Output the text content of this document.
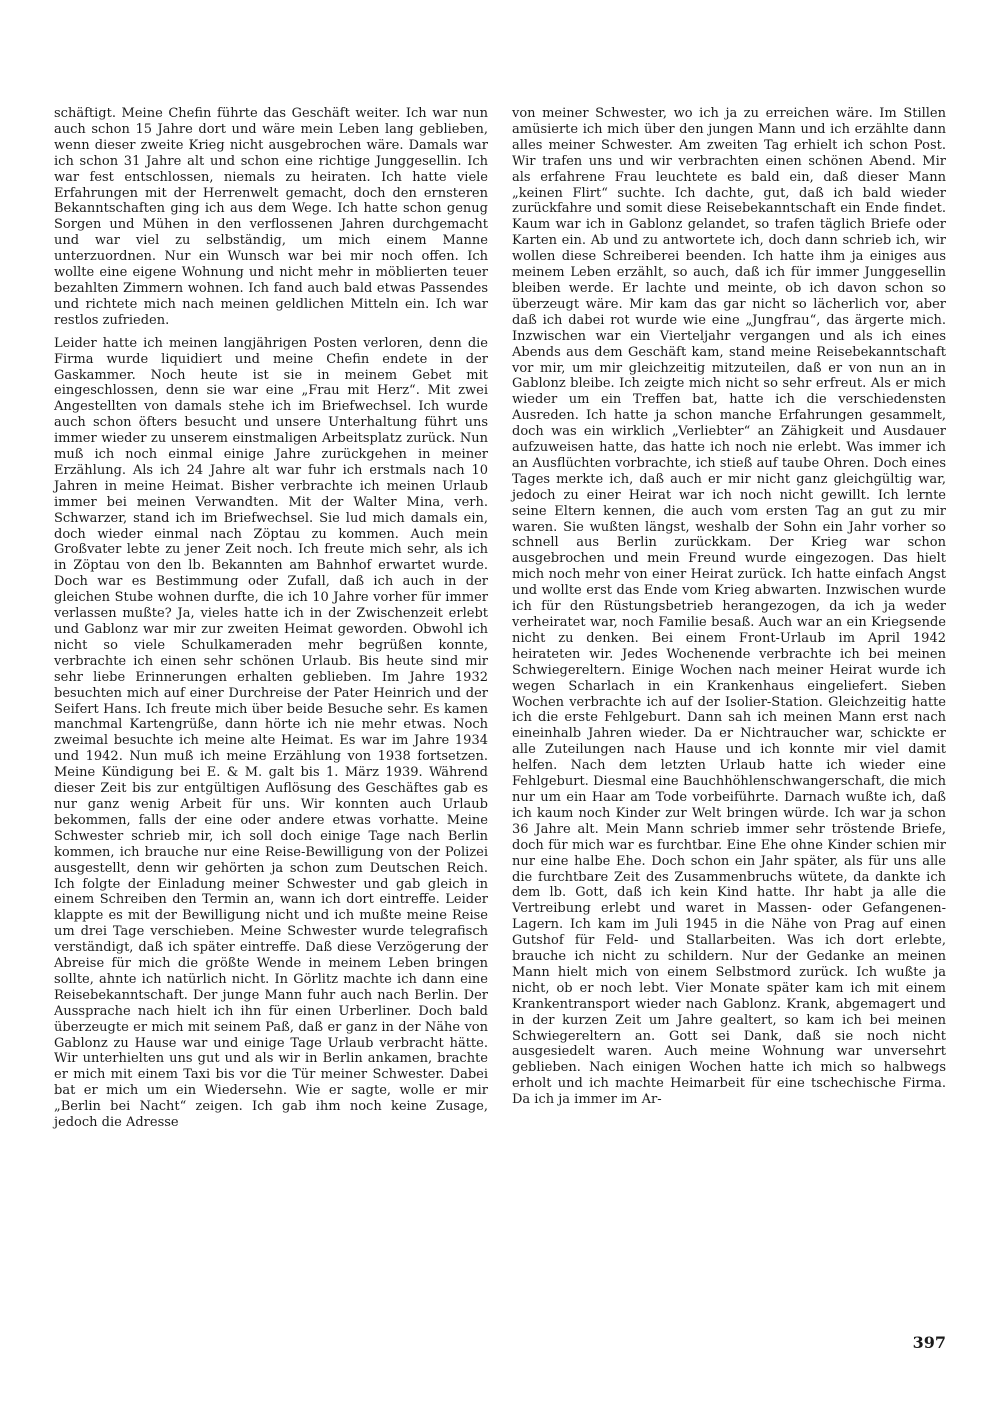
schäftigt. Meine Chefin führte das Geschäft weiter. Ich war nun auch schon 15 Jahre dort und wäre mein Leben lang geblieben, wenn dieser zweite Krieg nicht ausgebrochen wäre. Damals war ich schon 31 Jahre alt und schon eine richtige Junggesellin. Ich war fest entschlossen, niemals zu heiraten. Ich hatte viele Erfahrungen mit der Herrenwelt gemacht, doch den ernsteren Bekanntschaften ging ich aus dem Wege. Ich hatte schon genug Sorgen und Mühen in den verflossenen Jahren durchgemacht und war viel zu selbständig, um mich einem Manne unterzuordnen. Nur ein Wunsch war bei mir noch offen. Ich wollte eine eigene Wohnung und nicht mehr in möblierten teuer bezahlten Zimmern wohnen. Ich fand auch bald etwas Passendes und richtete mich nach meinen geldlichen Mitteln ein. Ich war restlos zufrieden.

Leider hatte ich meinen langjährigen Posten verloren, denn die Firma wurde liquidiert und meine Chefin endete in der Gaskammer. Noch heute ist sie in meinem Gebet mit eingeschlossen, denn sie war eine „Frau mit Herz“. Mit zwei Angestellten von damals stehe ich im Briefwechsel. Ich wurde auch schon öfters besucht und unsere Unterhaltung führt uns immer wieder zu unserem einstmaligen Arbeitsplatz zurück. Nun muß ich noch einmal einige Jahre zurückgehen in meiner Erzählung. Als ich 24 Jahre alt war fuhr ich erstmals nach 10 Jahren in meine Heimat. Bisher verbrachte ich meinen Urlaub immer bei meinen Verwandten. Mit der Walter Mina, verh. Schwarzer, stand ich im Briefwechsel. Sie lud mich damals ein, doch wieder einmal nach Zöptau zu kommen. Auch mein Großvater lebte zu jener Zeit noch. Ich freute mich sehr, als ich in Zöptau von den lb. Bekannten am Bahnhof erwartet wurde. Doch war es Bestimmung oder Zufall, daß ich auch in der gleichen Stube wohnen durfte, die ich 10 Jahre vorher für immer verlassen mußte? Ja, vieles hatte ich in der Zwischenzeit erlebt und Gablonz war mir zur zweiten Heimat geworden. Obwohl ich nicht so viele Schulkameraden mehr begrüßen konnte, verbrachte ich einen sehr schönen Urlaub. Bis heute sind mir sehr liebe Erinnerungen erhalten geblieben. Im Jahre 1932 besuchten mich auf einer Durchreise der Pater Heinrich und der Seifert Hans. Ich freute mich über beide Besuche sehr. Es kamen manchmal Kartengrüße, dann hörte ich nie mehr etwas. Noch zweimal besuchte ich meine alte Heimat. Es war im Jahre 1934 und 1942. Nun muß ich meine Erzählung von 1938 fortsetzen. Meine Kündigung bei E. & M. galt bis 1. März 1939. Während dieser Zeit bis zur entgültigen Auflösung des Geschäftes gab es nur ganz wenig Arbeit für uns. Wir konnten auch Urlaub bekommen, falls der eine oder andere etwas vorhatte. Meine Schwester schrieb mir, ich soll doch einige Tage nach Berlin kommen, ich brauche nur eine Reise-Bewilligung von der Polizei ausgestellt, denn wir gehörten ja schon zum Deutschen Reich. Ich folgte der Einladung meiner Schwester und gab gleich in einem Schreiben den Termin an, wann ich dort eintreffe. Leider klappte es mit der Bewilligung nicht und ich mußte meine Reise um drei Tage verschieben. Meine Schwester wurde telegrafisch verständigt, daß ich später eintreffe. Daß diese Verzögerung der Abreise für mich die größte Wende in meinem Leben bringen sollte, ahnte ich natürlich nicht. In Görlitz machte ich dann eine Reisebekanntschaft. Der junge Mann fuhr auch nach Berlin. Der Aussprache nach hielt ich ihn für einen Urberliner. Doch bald überzeugte er mich mit seinem Paß, daß er ganz in der Nähe von Gablonz zu Hause war und einige Tage Urlaub verbracht hätte. Wir unterhielten uns gut und als wir in Berlin ankamen, brachte er mich mit einem Taxi bis vor die Tür meiner Schwester. Dabei bat er mich um ein Wiedersehn. Wie er sagte, wolle er mir „Berlin bei Nacht“ zeigen. Ich gab ihm noch keine Zusage, jedoch die Adresse

von meiner Schwester, wo ich ja zu erreichen wäre. Im Stillen amüsierte ich mich über den jungen Mann und ich erzählte dann alles meiner Schwester. Am zweiten Tag erhielt ich schon Post. Wir trafen uns und wir verbrachten einen schönen Abend. Mir als erfahrene Frau leuchtete es bald ein, daß dieser Mann „keinen Flirt“ suchte. Ich dachte, gut, daß ich bald wieder zurückfahre und somit diese Reisebekanntschaft ein Ende findet. Kaum war ich in Gablonz gelandet, so trafen täglich Briefe oder Karten ein. Ab und zu antwortete ich, doch dann schrieb ich, wir wollen diese Schreiberei beenden. Ich hatte ihm ja einiges aus meinem Leben erzählt, so auch, daß ich für immer Junggesellin bleiben werde. Er lachte und meinte, ob ich davon schon so überzeugt wäre. Mir kam das gar nicht so lächerlich vor, aber daß ich dabei rot wurde wie eine „Jungfrau“, das ärgerte mich. Inzwischen war ein Vierteljahr vergangen und als ich eines Abends aus dem Geschäft kam, stand meine Reisebekanntschaft vor mir, um mir gleichzeitig mitzuteilen, daß er von nun an in Gablonz bleibe. Ich zeigte mich nicht so sehr erfreut. Als er mich wieder um ein Treffen bat, hatte ich die verschiedensten Ausreden. Ich hatte ja schon manche Erfahrungen gesammelt, doch was ein wirklich „Verliebter“ an Zähigkeit und Ausdauer aufzuweisen hatte, das hatte ich noch nie erlebt. Was immer ich an Ausflüchten vorbrachte, ich stieß auf taube Ohren. Doch eines Tages merkte ich, daß auch er mir nicht ganz gleichgültig war, jedoch zu einer Heirat war ich noch nicht gewillt. Ich lernte seine Eltern kennen, die auch vom ersten Tag an gut zu mir waren. Sie wußten längst, weshalb der Sohn ein Jahr vorher so schnell aus Berlin zurückkam. Der Krieg war schon ausgebrochen und mein Freund wurde eingezogen. Das hielt mich noch mehr von einer Heirat zurück. Ich hatte einfach Angst und wollte erst das Ende vom Krieg abwarten. Inzwischen wurde ich für den Rüstungsbetrieb herangezogen, da ich ja weder verheiratet war, noch Familie besaß. Auch war an ein Kriegsende nicht zu denken. Bei einem Front-Urlaub im April 1942 heirateten wir. Jedes Wochenende verbrachte ich bei meinen Schwiegereltern. Einige Wochen nach meiner Heirat wurde ich wegen Scharlach in ein Krankenhaus eingeliefert. Sieben Wochen verbrachte ich auf der Isolier-Station. Gleichzeitig hatte ich die erste Fehlgeburt. Dann sah ich meinen Mann erst nach eineinhalb Jahren wieder. Da er Nichtraucher war, schickte er alle Zuteilungen nach Hause und ich konnte mir viel damit helfen. Nach dem letzten Urlaub hatte ich wieder eine Fehlgeburt. Diesmal eine Bauchhöhlenschwangerschaft, die mich nur um ein Haar am Tode vorbeiführte. Darnach wußte ich, daß ich kaum noch Kinder zur Welt bringen würde. Ich war ja schon 36 Jahre alt. Mein Mann schrieb immer sehr tröstende Briefe, doch für mich war es furchtbar. Eine Ehe ohne Kinder schien mir nur eine halbe Ehe. Doch schon ein Jahr später, als für uns alle die furchtbare Zeit des Zusammenbruchs wütete, da dankte ich dem lb. Gott, daß ich kein Kind hatte. Ihr habt ja alle die Vertreibung erlebt und waret in Massen- oder Gefangenen-Lagern. Ich kam im Juli 1945 in die Nähe von Prag auf einen Gutshof für Feld- und Stallarbeiten. Was ich dort erlebte, brauche ich nicht zu schildern. Nur der Gedanke an meinen Mann hielt mich von einem Selbstmord zurück. Ich wußte ja nicht, ob er noch lebt. Vier Monate später kam ich mit einem Krankentransport wieder nach Gablonz. Krank, abgemagert und in der kurzen Zeit um Jahre gealtert, so kam ich bei meinen Schwiegereltern an. Gott sei Dank, daß sie noch nicht ausgesiedelt waren. Auch meine Wohnung war unversehrt geblieben. Nach einigen Wochen hatte ich mich so halbwegs erholt und ich machte Heimarbeit für eine tschechische Firma. Da ich ja immer im Ar-

397
